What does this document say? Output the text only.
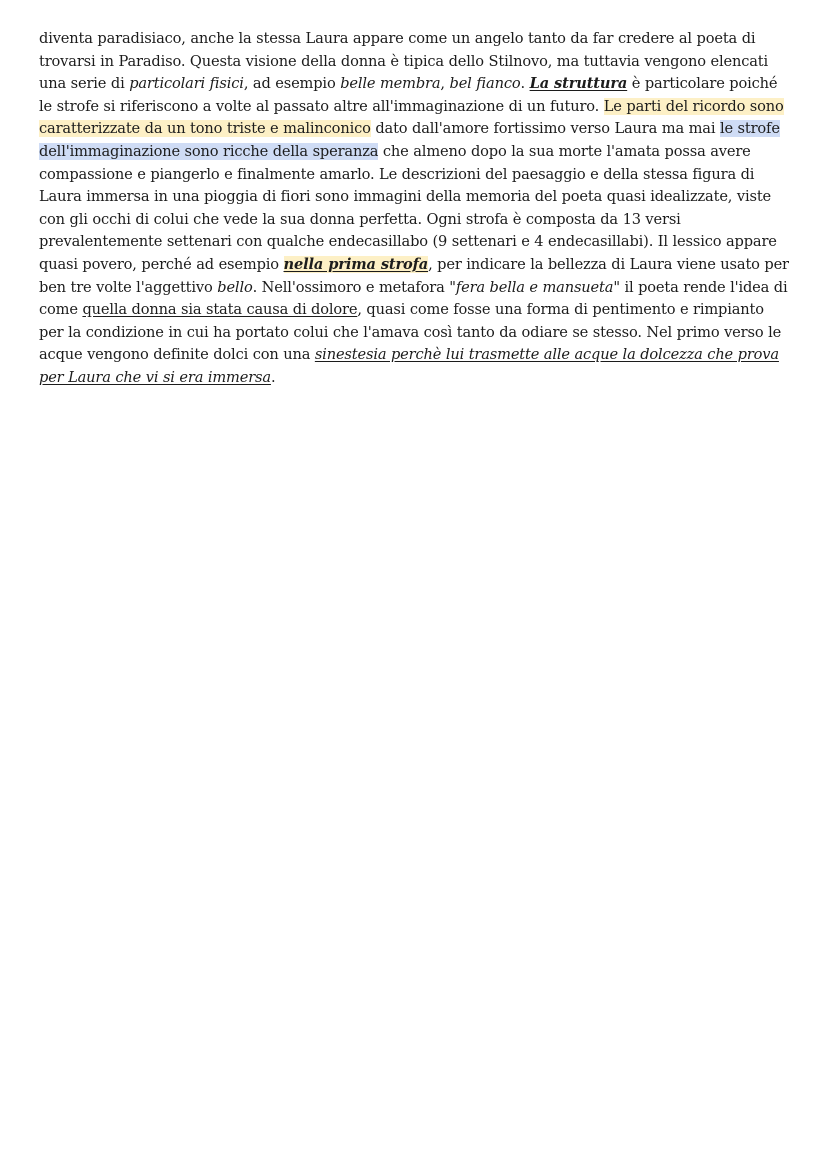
diventa paradisiaco, anche la stessa Laura appare come un angelo tanto da far credere al poeta di trovarsi in Paradiso. Questa visione della donna è tipica dello Stilnovo, ma tuttavia vengono elencati una serie di particolari fisici, ad esempio belle membra, bel fianco. La struttura è particolare poiché le strofe si riferiscono a volte al passato altre all'immaginazione di un futuro. Le parti del ricordo sono caratterizzate da un tono triste e malinconico dato dall'amore fortissimo verso Laura ma mai le strofe dell'immaginazione sono ricche della speranza che almeno dopo la sua morte l'amata possa avere compassione e piangerlo e finalmente amarlo. Le descrizioni del paesaggio e della stessa figura di Laura immersa in una pioggia di fiori sono immagini della memoria del poeta quasi idealizzate, viste con gli occhi di colui che vede la sua donna perfetta. Ogni strofa è composta da 13 versi prevalentemente settenari con qualche endecasillabo (9 settenari e 4 endecasillabi). Il lessico appare quasi povero, perché ad esempio nella prima strofa, per indicare la bellezza di Laura viene usato per ben tre volte l'aggettivo bello. Nell'ossimoro e metafora "fera bella e mansueta" il poeta rende l'idea di come quella donna sia stata causa di dolore, quasi come fosse una forma di pentimento e rimpianto per la condizione in cui ha portato colui che l'amava così tanto da odiare se stesso. Nel primo verso le acque vengono definite dolci con una sinestesia perchè lui trasmette alle acque la dolcezza che prova per Laura che vi si era immersa.
